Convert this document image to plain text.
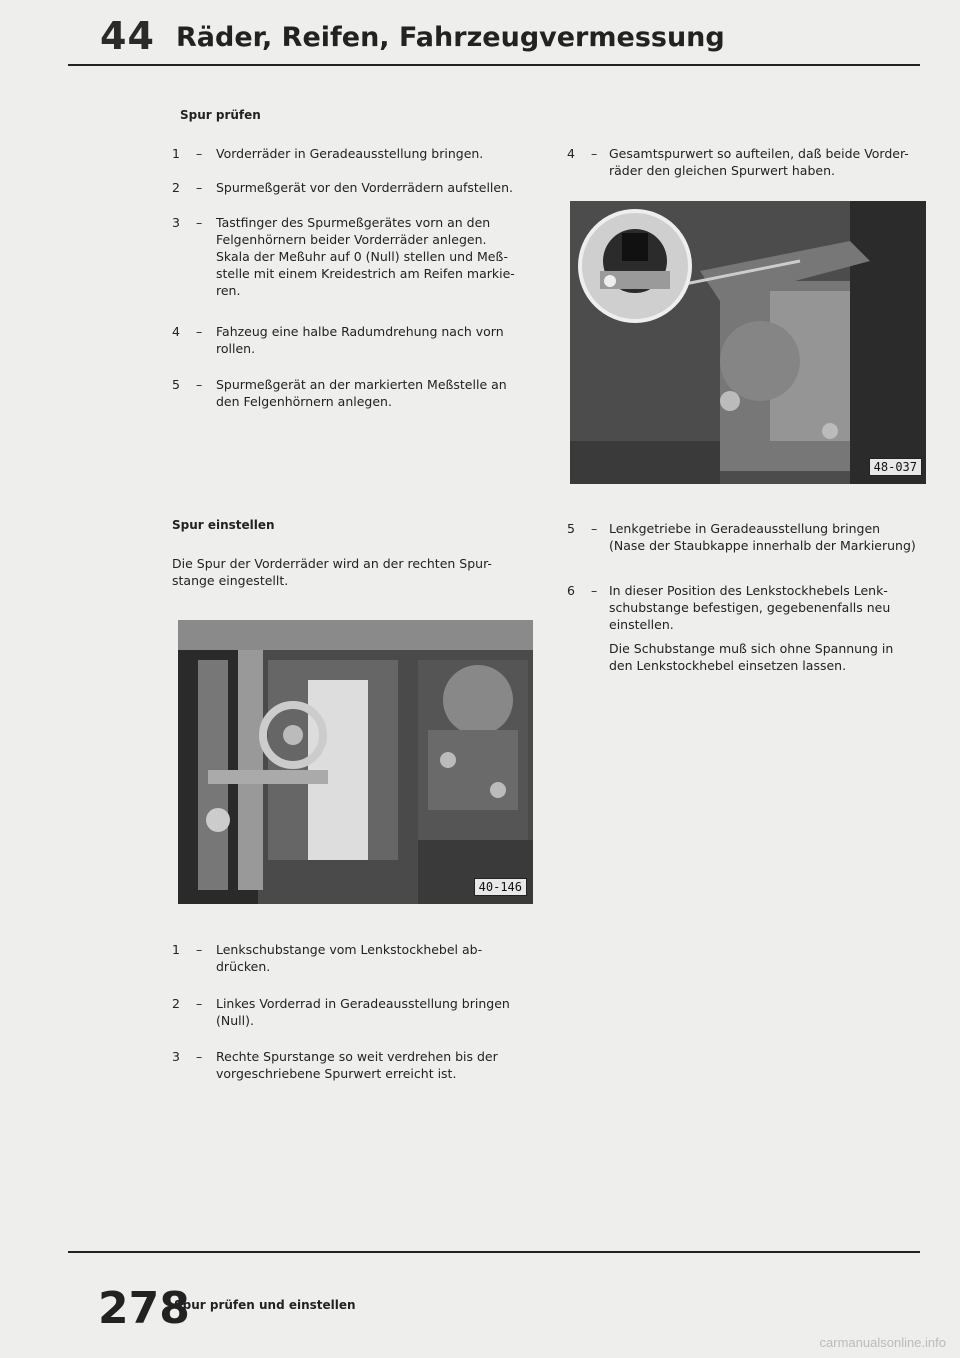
44 Räder, Reifen, Fahrzeugvermessung
Spur prüfen
1 – Vorderräder in Geradeausstellung bringen.
2 – Spurmeßgerät vor den Vorderrädern aufstellen.
3 – Tastfinger des Spurmeßgerätes vorn an den
Felgenhörnern beider Vorderräder anlegen.
Skala der Meßuhr auf 0 (Null) stellen und Meß-
stelle mit einem Kreidestrich am Reifen markie-
ren.
4 – Fahzeug eine halbe Radumdrehung nach vorn
rollen.
5 – Spurmeßgerät an der markierten Meßstelle an
den Felgenhörnern anlegen.
Spur einstellen
Die Spur der Vorderräder wird an der rechten Spur-
stange eingestellt.
40-146
1 – Lenkschubstange vom Lenkstockhebel ab-
drücken.
2 – Linkes Vorderrad in Geradeausstellung bringen
(Null).
3 – Rechte Spurstange so weit verdrehen bis der
vorgeschriebene Spurwert erreicht ist.
4 – Gesamtspurwert so aufteilen, daß beide Vorder-
räder den gleichen Spurwert haben.
48-037
5 – Lenkgetriebe in Geradeausstellung bringen
(Nase der Staubkappe innerhalb der Markierung)
6 – In dieser Position des Lenkstockhebels Lenk-
schubstange befestigen, gegebenenfalls neu
einstellen.
Die Schubstange muß sich ohne Spannung in
den Lenkstockhebel einsetzen lassen.
278
Spur prüfen und einstellen
carmanualsonline.info
